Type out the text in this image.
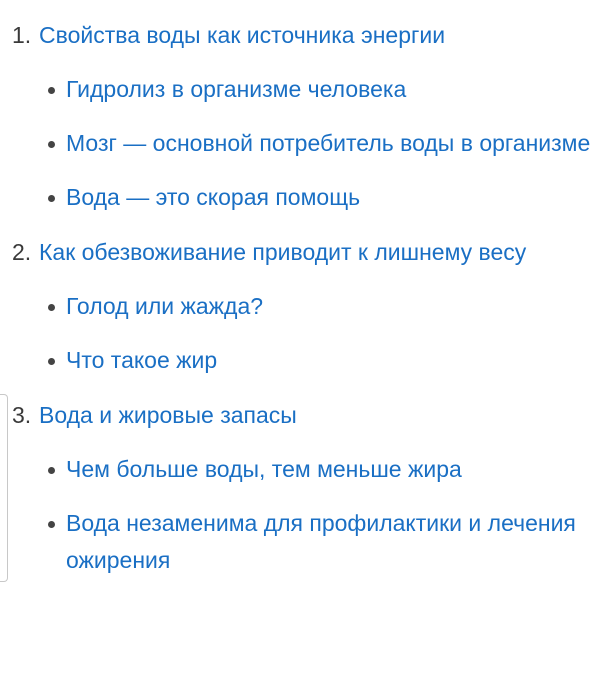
1. Свойства воды как источника энергии
Гидролиз в организме человека
Мозг — основной потребитель воды в организме
Вода — это скорая помощь
2. Как обезвоживание приводит к лишнему весу
Голод или жажда?
Что такое жир
3. Вода и жировые запасы
Чем больше воды, тем меньше жира
Вода незаменима для профилактики и лечения ожирения
